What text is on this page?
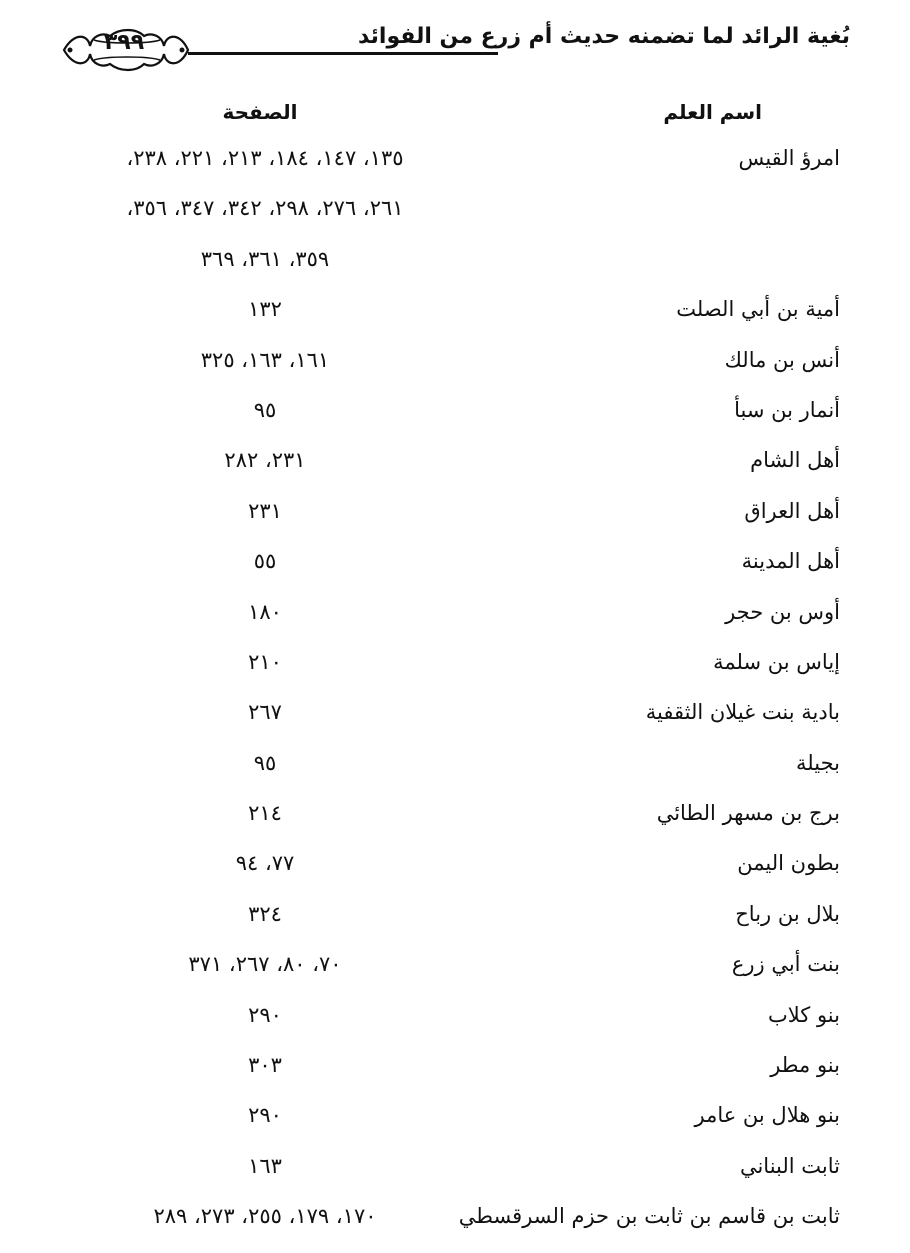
بُغية الرائد لما تضمنه حديث أم زرع من الفوائد
٣٩٩
اسم العلم
الصفحة
امرؤ القيس
١٣٥، ١٤٧، ١٨٤، ٢١٣، ٢٢١، ٢٣٨،
٢٦١، ٢٧٦، ٢٩٨، ٣٤٢، ٣٤٧، ٣٥٦،
٣٥٩، ٣٦١، ٣٦٩
أمية بن أبي الصلت
١٣٢
أنس بن مالك
١٦١، ١٦٣، ٣٢٥
أنمار بن سبأ
٩٥
أهل الشام
٢٣١، ٢٨٢
أهل العراق
٢٣١
أهل المدينة
٥٥
أوس بن حجر
١٨٠
إياس بن سلمة
٢١٠
بادية بنت غيلان الثقفية
٢٦٧
بجيلة
٩٥
برج بن مسهر الطائي
٢١٤
بطون اليمن
٧٧، ٩٤
بلال بن رباح
٣٢٤
بنت أبي زرع
٧٠، ٨٠، ٢٦٧، ٣٧١
بنو كلاب
٢٩٠
بنو مطر
٣٠٣
بنو هلال بن عامر
٢٩٠
ثابت البناني
١٦٣
ثابت بن قاسم بن ثابت بن حزم السرقسطي
١٧٠، ١٧٩، ٢٥٥، ٢٧٣، ٢٨٩
